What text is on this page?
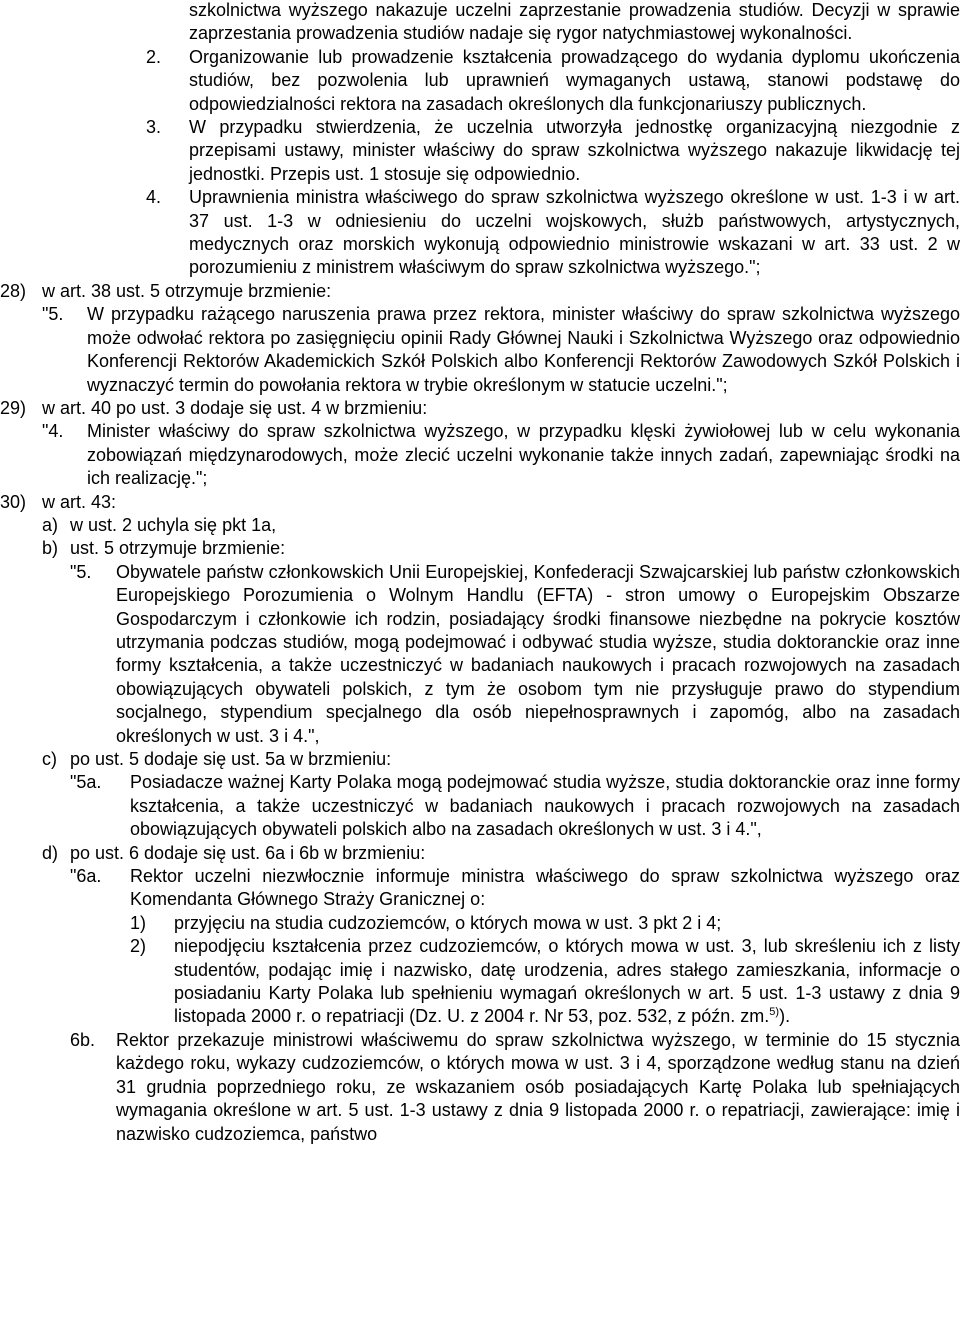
szkolnictwa wyższego nakazuje uczelni zaprzestanie prowadzenia studiów. Decyzji w sprawie zaprzestania prowadzenia studiów nadaje się rygor natychmiastowej wykonalności.

2.	Organizowanie lub prowadzenie kształcenia prowadzącego do wydania dyplomu ukończenia studiów, bez pozwolenia lub uprawnień wymaganych ustawą, stanowi podstawę do odpowiedzialności rektora na zasadach określonych dla funkcjonariuszy publicznych.

3.	W przypadku stwierdzenia, że uczelnia utworzyła jednostkę organizacyjną niezgodnie z przepisami ustawy, minister właściwy do spraw szkolnictwa wyższego nakazuje likwidację tej jednostki. Przepis ust. 1 stosuje się odpowiednio.

4.	Uprawnienia ministra właściwego do spraw szkolnictwa wyższego określone w ust. 1-3 i w art. 37 ust. 1-3 w odniesieniu do uczelni wojskowych, służb państwowych, artystycznych, medycznych oraz morskich wykonują odpowiednio ministrowie wskazani w art. 33 ust. 2 w porozumieniu z ministrem właściwym do spraw szkolnictwa wyższego.";

28) w art. 38 ust. 5 otrzymuje brzmienie:

"5.	W przypadku rażącego naruszenia prawa przez rektora, minister właściwy do spraw szkolnictwa wyższego może odwołać rektora po zasięgnięciu opinii Rady Głównej Nauki i Szkolnictwa Wyższego oraz odpowiednio Konferencji Rektorów Akademickich Szkół Polskich albo Konferencji Rektorów Zawodowych Szkół Polskich i wyznaczyć termin do powołania rektora w trybie określonym w statucie uczelni.";

29) w art. 40 po ust. 3 dodaje się ust. 4 w brzmieniu:

"4.	Minister właściwy do spraw szkolnictwa wyższego, w przypadku klęski żywiołowej lub w celu wykonania zobowiązań międzynarodowych, może zlecić uczelni wykonanie także innych zadań, zapewniając środki na ich realizację.";

30) w art. 43:

a) w ust. 2 uchyla się pkt 1a,

b) ust. 5 otrzymuje brzmienie:

"5.	Obywatele państw członkowskich Unii Europejskiej, Konfederacji Szwajcarskiej lub państw członkowskich Europejskiego Porozumienia o Wolnym Handlu (EFTA) - stron umowy o Europejskim Obszarze Gospodarczym i członkowie ich rodzin, posiadający środki finansowe niezbędne na pokrycie kosztów utrzymania podczas studiów, mogą podejmować i odbywać studia wyższe, studia doktoranckie oraz inne formy kształcenia, a także uczestniczyć w badaniach naukowych i pracach rozwojowych na zasadach obowiązujących obywateli polskich, z tym że osobom tym nie przysługuje prawo do stypendium socjalnego, stypendium specjalnego dla osób niepełnosprawnych i zapomóg, albo na zasadach określonych w ust. 3 i 4.",

c) po ust. 5 dodaje się ust. 5a w brzmieniu:

"5a.	Posiadacze ważnej Karty Polaka mogą podejmować studia wyższe, studia doktoranckie oraz inne formy kształcenia, a także uczestniczyć w badaniach naukowych i pracach rozwojowych na zasadach obowiązujących obywateli polskich albo na zasadach określonych w ust. 3 i 4.",

d) po ust. 6 dodaje się ust. 6a i 6b w brzmieniu:

"6a.	Rektor uczelni niezwłocznie informuje ministra właściwego do spraw szkolnictwa wyższego oraz Komendanta Głównego Straży Granicznej o:

1)	przyjęciu na studia cudzoziemców, o których mowa w ust. 3 pkt 2 i 4;

2)	niepodjęciu kształcenia przez cudzoziemców, o których mowa w ust. 3, lub skreśleniu ich z listy studentów, podając imię i nazwisko, datę urodzenia, adres stałego zamieszkania, informacje o posiadaniu Karty Polaka lub spełnieniu wymagań określonych w art. 5 ust. 1-3 ustawy z dnia 9 listopada 2000 r. o repatriacji (Dz. U. z 2004 r. Nr 53, poz. 532, z późn. zm.$^{5)}$).

6b.	Rektor przekazuje ministrowi właściwemu do spraw szkolnictwa wyższego, w terminie do 15 stycznia każdego roku, wykazy cudzoziemców, o których mowa w ust. 3 i 4, sporządzone według stanu na dzień 31 grudnia poprzedniego roku, ze wskazaniem osób posiadających Kartę Polaka lub spełniających wymagania określone w art. 5 ust. 1-3 ustawy z dnia 9 listopada 2000 r. o repatriacji, zawierające: imię i nazwisko cudzoziemca, państwo
